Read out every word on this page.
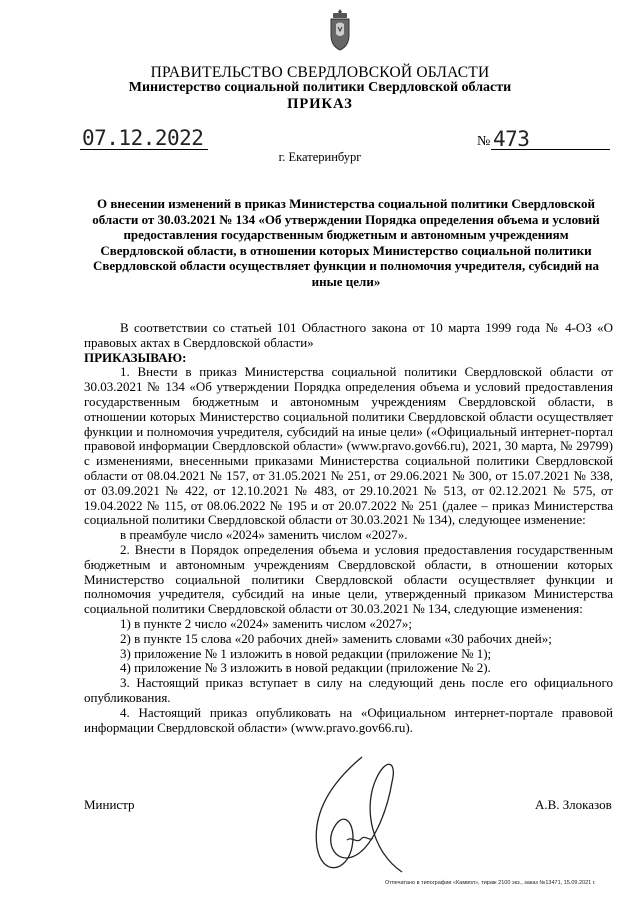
ПРАВИТЕЛЬСТВО СВЕРДЛОВСКОЙ ОБЛАСТИ
Министерство социальной политики Свердловской области
ПРИКАЗ
07.12.2022	№ 473
г. Екатеринбург
О внесении изменений в приказ Министерства социальной политики Свердловской области от 30.03.2021 № 134 «Об утверждении Порядка определения объема и условий предоставления государственным бюджетным и автономным учреждениям Свердловской области, в отношении которых Министерство социальной политики Свердловской области осуществляет функции и полномочия учредителя, субсидий на иные цели»

В соответствии со статьей 101 Областного закона от 10 марта 1999 года № 4-ОЗ «О правовых актах в Свердловской области»

ПРИКАЗЫВАЮ:

1. Внести в приказ Министерства социальной политики Свердловской области от 30.03.2021 № 134 «Об утверждении Порядка определения объема и условий предоставления государственным бюджетным и автономным учреждениям Свердловской области, в отношении которых Министерство социальной политики Свердловской области осуществляет функции и полномочия учредителя, субсидий на иные цели» («Официальный интернет-портал правовой информации Свердловской области» (www.pravo.gov66.ru), 2021, 30 марта, № 29799) с изменениями, внесенными приказами Министерства социальной политики Свердловской области от 08.04.2021 № 157, от 31.05.2021 № 251, от 29.06.2021 № 300, от 15.07.2021 № 338, от 03.09.2021 № 422, от 12.10.2021 № 483, от 29.10.2021 № 513, от 02.12.2021 № 575, от 19.04.2022 № 115, от 08.06.2022 № 195 и от 20.07.2022 № 251 (далее – приказ Министерства социальной политики Свердловской области от 30.03.2021 № 134), следующее изменение:

в преамбуле число «2024» заменить числом «2027».

2. Внести в Порядок определения объема и условия предоставления государственным бюджетным и автономным учреждениям Свердловской области, в отношении которых Министерство социальной политики Свердловской области осуществляет функции и полномочия учредителя, субсидий на иные цели, утвержденный приказом Министерства социальной политики Свердловской области от 30.03.2021 № 134, следующие изменения:

1) в пункте 2 число «2024» заменить числом «2027»;

2) в пункте 15 слова «20 рабочих дней» заменить словами «30 рабочих дней»;

3) приложение № 1 изложить в новой редакции (приложение № 1);

4) приложение № 3 изложить в новой редакции (приложение № 2).

3. Настоящий приказ вступает в силу на следующий день после его официального опубликования.

4. Настоящий приказ опубликовать на «Официальном интернет-портале правовой информации Свердловской области» (www.pravo.gov66.ru).

Министр	А.В. Злоказов
Отпечатано в типографии «Камвол», тираж 2100 экз., заказ №13471, 15.09.2021 г.
